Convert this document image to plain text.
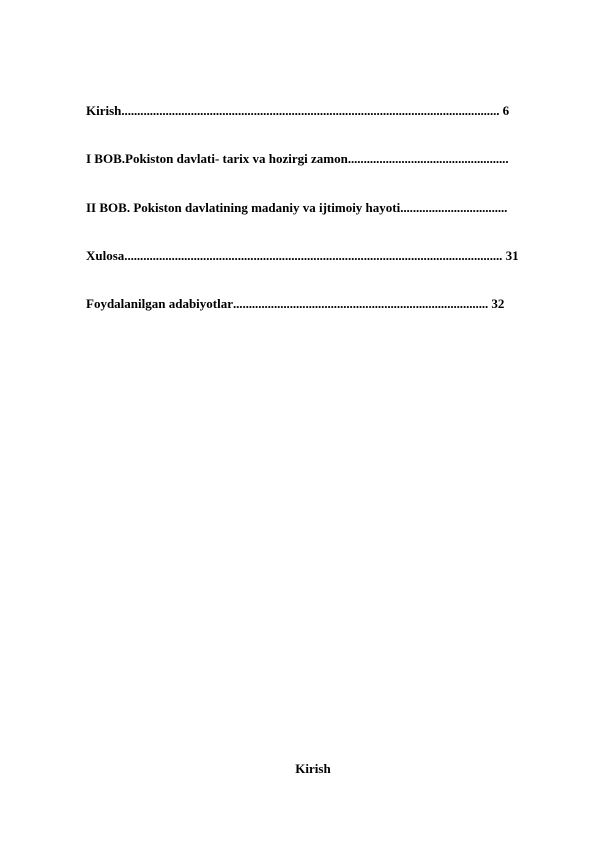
Kirish........................................................................................................................ 6
I BOB.Pokiston davlati- tarix va hozirgi zamon...................................................
II BOB. Pokiston davlatining madaniy va ijtimoiy hayoti..................................
Xulosa........................................................................................................................ 31
Foydalanilgan adabiyotlar................................................................................. 32
Kirish
